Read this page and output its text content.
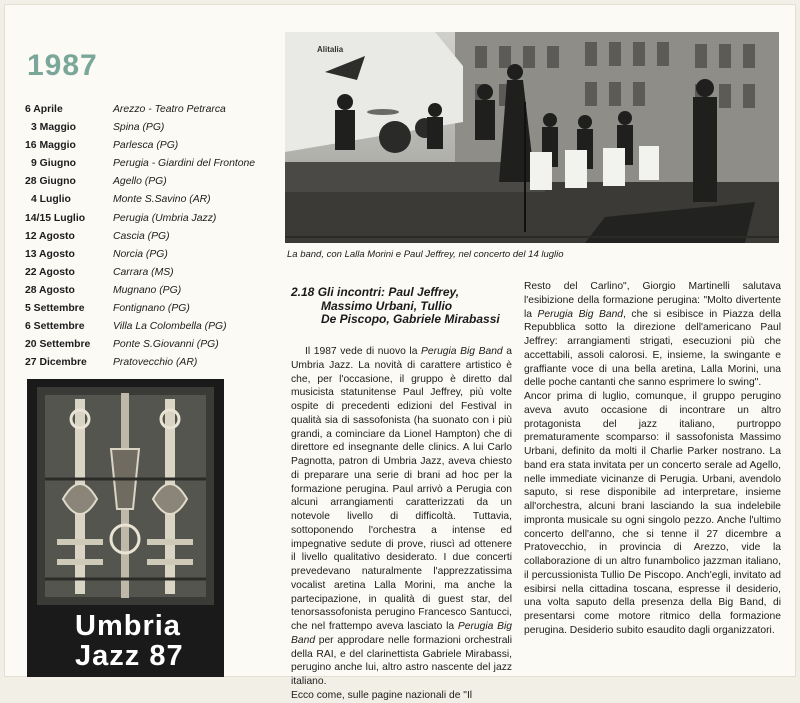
1987
6 Aprile	Arezzo - Teatro Petrarca
3 Maggio	Spina (PG)
16 Maggio	Parlesca (PG)
9 Giugno	Perugia - Giardini del Frontone
28 Giugno	Agello (PG)
4 Luglio	Monte S.Savino (AR)
14/15 Luglio	Perugia (Umbria Jazz)
12 Agosto	Cascia (PG)
13 Agosto	Norcia (PG)
22 Agosto	Carrara (MS)
28 Agosto	Mugnano (PG)
5 Settembre	Fontignano (PG)
6 Settembre	Villa La Colombella (PG)
20 Settembre	Ponte S.Giovanni (PG)
27 Dicembre	Pratovecchio (AR)
Umbria
Jazz 87
Alitalia
La band, con Lalla Morini e Paul Jeffrey, nel concerto del 14 luglio
2.18 Gli incontri: Paul Jeffrey,
Massimo Urbani, Tullio
De Piscopo, Gabriele Mirabassi
Il 1987 vede di nuovo la Perugia Big Band a Umbria Jazz. La novità di carattere artistico è che, per l'occasione, il gruppo è diretto dal musicista statunitense Paul Jeffrey, più volte ospite di precedenti edizioni del Festival in qualità sia di sassofonista (ha suonato con i più grandi, a cominciare da Lionel Hampton) che di direttore ed insegnante delle clinics. A lui Carlo Pagnotta, patron di Umbria Jazz, aveva chiesto di preparare una serie di brani ad hoc per la formazione perugina. Paul arrivò a Perugia con alcuni arrangiamenti caratterizzati da un notevole livello di difficoltà. Tuttavia, sottoponendo l'orchestra a intense ed impegnative sedute di prove, riuscì ad ottenere il livello qualitativo desiderato. I due concerti prevedevano naturalmente l'apprezzatissima vocalist aretina Lalla Morini, ma anche la partecipazione, in qualità di guest star, del tenorsassofonista perugino Francesco Santucci, che nel frattempo aveva lasciato la Perugia Big Band per approdare nelle formazioni orchestrali della RAI, e del clarinettista Gabriele Mirabassi, perugino anche lui, altro astro nascente del jazz italiano.
Ecco come, sulle pagine nazionali de "Il

Resto del Carlino", Giorgio Martinelli salutava l'esibizione della formazione perugina: "Molto divertente la Perugia Big Band, che si esibisce in Piazza della Repubblica sotto la direzione dell'americano Paul Jeffrey: arrangiamenti strigati, esecuzioni più che accettabili, assoli calorosi. E, insieme, la swingante e graffiante voce di una bella aretina, Lalla Morini, una delle poche cantanti che sanno esprimere lo swing".

Ancor prima di luglio, comunque, il gruppo perugino aveva avuto occasione di incontrare un altro protagonista del jazz italiano, purtroppo prematuramente scomparso: il sassofonista Massimo Urbani, definito da molti il Charlie Parker nostrano. La band era stata invitata per un concerto serale ad Agello, nelle immediate vicinanze di Perugia. Urbani, avendolo saputo, si rese disponibile ad interpretare, insieme all'orchestra, alcuni brani lasciando la sua indelebile impronta musicale su ogni singolo pezzo. Anche l'ultimo concerto dell'anno, che si tenne il 27 dicembre a Pratovecchio, in provincia di Arezzo, vide la collaborazione di un altro funambolico jazzman italiano, il percussionista Tullio De Piscopo. Anch'egli, invitato ad esibirsi nella cittadina toscana, espresse il desiderio, una volta saputo della presenza della Big Band, di presentarsi come motore ritmico della formazione perugina. Desiderio subito esaudito dagli organizzatori.
